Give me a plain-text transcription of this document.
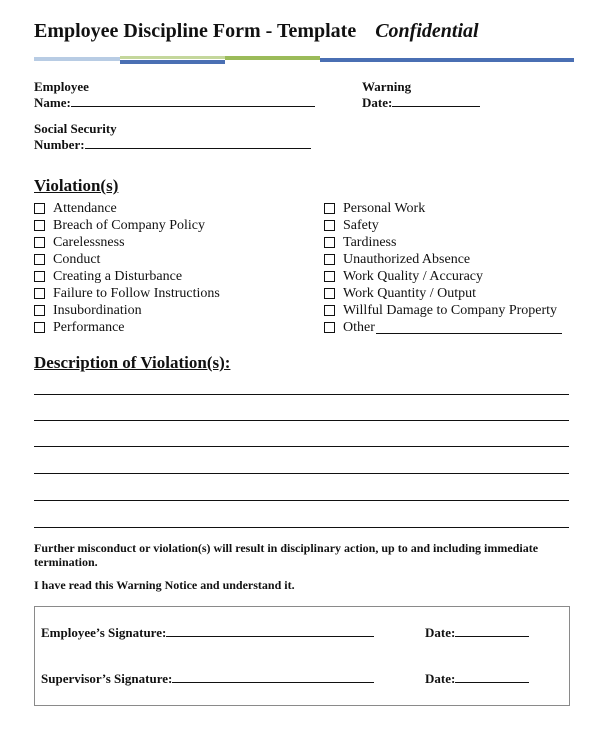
Employee Discipline Form - Template Confidential
Employee
Name:
Warning
Date:
Social Security
Number:
Violation(s)
Attendance
Breach of Company Policy
Carelessness
Conduct
Creating a Disturbance
Failure to Follow Instructions
Insubordination
Performance
Personal Work
Safety
Tardiness
Unauthorized Absence
Work Quality / Accuracy
Work Quantity / Output
Willful Damage to Company Property
Other
Description of Violation(s):
Further misconduct or violation(s) will result in disciplinary action, up to and including immediate termination.
I have read this Warning Notice and understand it.
Employee’s Signature:	Date:
Supervisor’s Signature:	Date:
